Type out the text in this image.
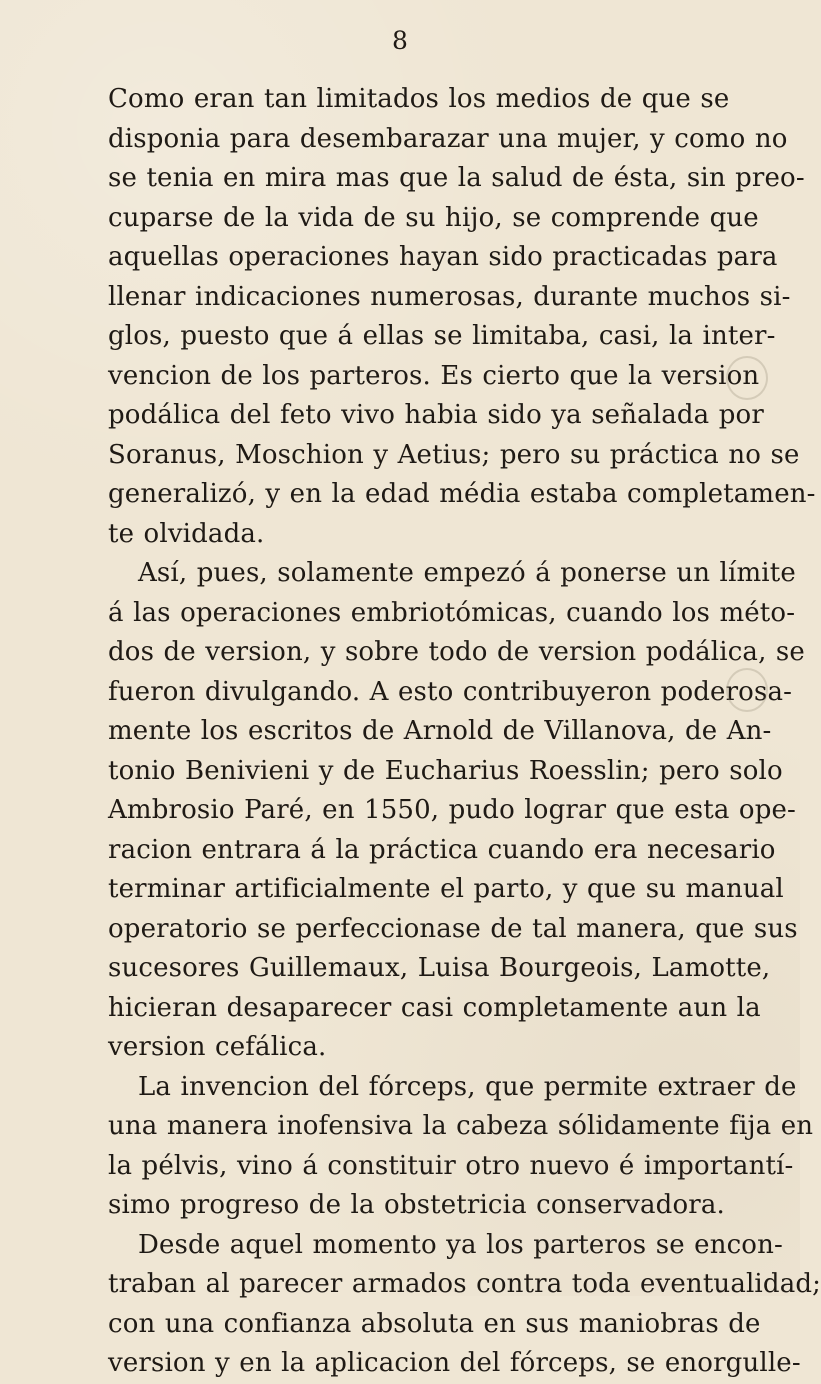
8
Como eran tan limitados los medios de que se
disponia para desembarazar una mujer, y como no
se tenia en mira mas que la salud de ésta, sin preo-
cuparse de la vida de su hijo, se comprende que
aquellas operaciones hayan sido practicadas para
llenar indicaciones numerosas, durante muchos si-
glos, puesto que á ellas se limitaba, casi, la inter-
vencion de los parteros. Es cierto que la version
podálica del feto vivo habia sido ya señalada por
Soranus, Moschion y Aetius; pero su práctica no se
generalizó, y en la edad média estaba completamen-
te olvidada.
Así, pues, solamente empezó á ponerse un límite
á las operaciones embriotómicas, cuando los méto-
dos de version, y sobre todo de version podálica, se
fueron divulgando. A esto contribuyeron poderosa-
mente los escritos de Arnold de Villanova, de An-
tonio Benivieni y de Eucharius Roesslin; pero solo
Ambrosio Paré, en 1550, pudo lograr que esta ope-
racion entrara á la práctica cuando era necesario
terminar artificialmente el parto, y que su manual
operatorio se perfeccionase de tal manera, que sus
sucesores Guillemaux, Luisa Bourgeois, Lamotte,
hicieran desaparecer casi completamente aun la
version cefálica.
La invencion del fórceps, que permite extraer de
una manera inofensiva la cabeza sólidamente fija en
la pélvis, vino á constituir otro nuevo é importantí-
simo progreso de la obstetricia conservadora.
Desde aquel momento ya los parteros se encon-
traban al parecer armados contra toda eventualidad;
con una confianza absoluta en sus maniobras de
version y en la aplicacion del fórceps, se enorgulle-
